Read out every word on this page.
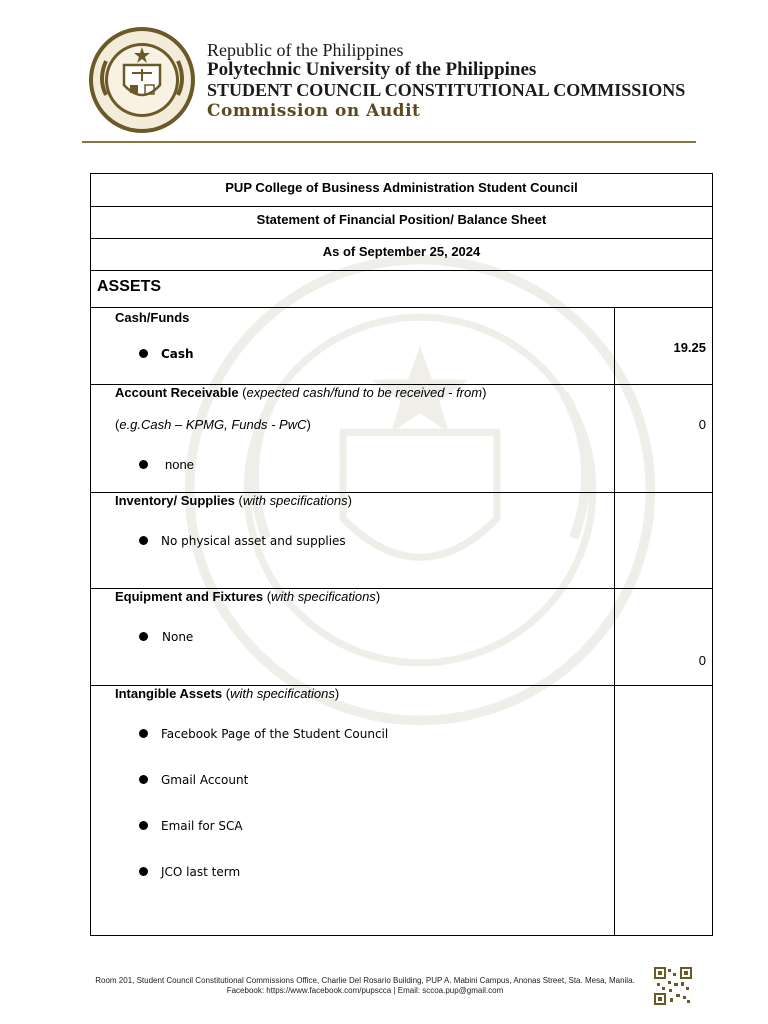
Republic of the Philippines
Polytechnic University of the Philippines
STUDENT COUNCIL CONSTITUTIONAL COMMISSIONS
Commission on Audit
PUP College of Business Administration Student Council	
Statement of Financial Position/ Balance Sheet	
As of September 25, 2024	
ASSETS	

Cash/Funds
Cash	19.25

Account Receivable (expected cash/fund to be received - from)
(e.g.Cash – KPMG, Funds - PwC)
none	0

Inventory/ Supplies (with specifications)
No physical asset and supplies	

Equipment and Fixtures (with specifications)
None	0

Intangible Assets (with specifications)
Facebook Page of the Student Council
Gmail Account
Email for SCA
JCO last term	

Room 201, Student Council Constitutional Commissions Office, Charlie Del Rosario Building, PUP A. Mabini Campus, Anonas Street, Sta. Mesa, Manila.
Facebook: https://www.facebook.com/pupscca | Email: sccoa.pup@gmail.com
